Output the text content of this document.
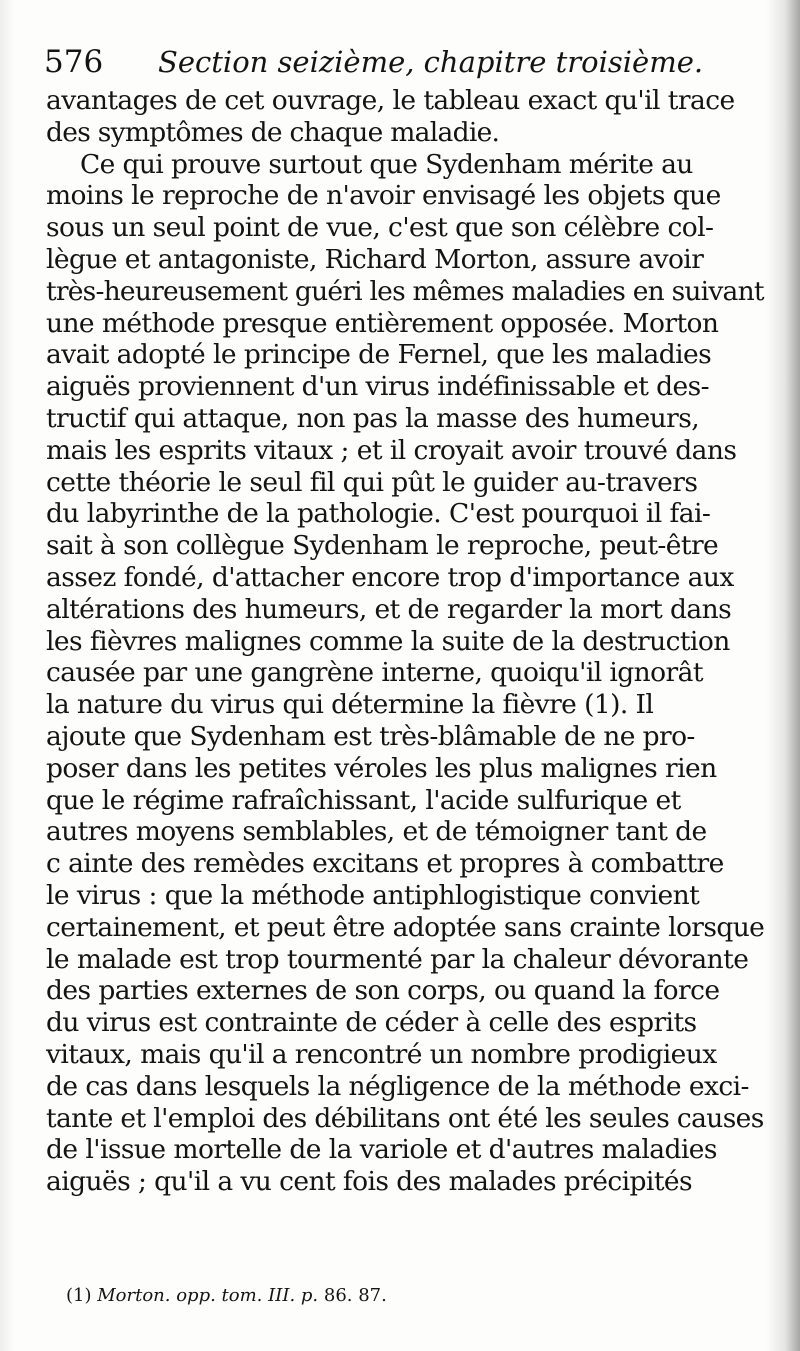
576 Section seizième, chapitre troisième.
avantages de cet ouvrage, le tableau exact qu'il trace
des symptômes de chaque maladie.
Ce qui prouve surtout que Sydenham mérite au
moins le reproche de n'avoir envisagé les objets que
sous un seul point de vue, c'est que son célèbre col-
lègue et antagoniste, Richard Morton, assure avoir
très-heureusement guéri les mêmes maladies en suivant
une méthode presque entièrement opposée. Morton
avait adopté le principe de Fernel, que les maladies
aiguës proviennent d'un virus indéfinissable et des-
tructif qui attaque, non pas la masse des humeurs,
mais les esprits vitaux ; et il croyait avoir trouvé dans
cette théorie le seul fil qui pût le guider au-travers
du labyrinthe de la pathologie. C'est pourquoi il fai-
sait à son collègue Sydenham le reproche, peut-être
assez fondé, d'attacher encore trop d'importance aux
altérations des humeurs, et de regarder la mort dans
les fièvres malignes comme la suite de la destruction
causée par une gangrène interne, quoiqu'il ignorât
la nature du virus qui détermine la fièvre (1). Il
ajoute que Sydenham est très-blâmable de ne pro-
poser dans les petites véroles les plus malignes rien
que le régime rafraîchissant, l'acide sulfurique et
autres moyens semblables, et de témoigner tant de
c ainte des remèdes excitans et propres à combattre
le virus : que la méthode antiphlogistique convient
certainement, et peut être adoptée sans crainte lorsque
le malade est trop tourmenté par la chaleur dévorante
des parties externes de son corps, ou quand la force
du virus est contrainte de céder à celle des esprits
vitaux, mais qu'il a rencontré un nombre prodigieux
de cas dans lesquels la négligence de la méthode exci-
tante et l'emploi des débilitans ont été les seules causes
de l'issue mortelle de la variole et d'autres maladies
aiguës ; qu'il a vu cent fois des malades précipités
(1) Morton. opp. tom. III. p. 86. 87.
